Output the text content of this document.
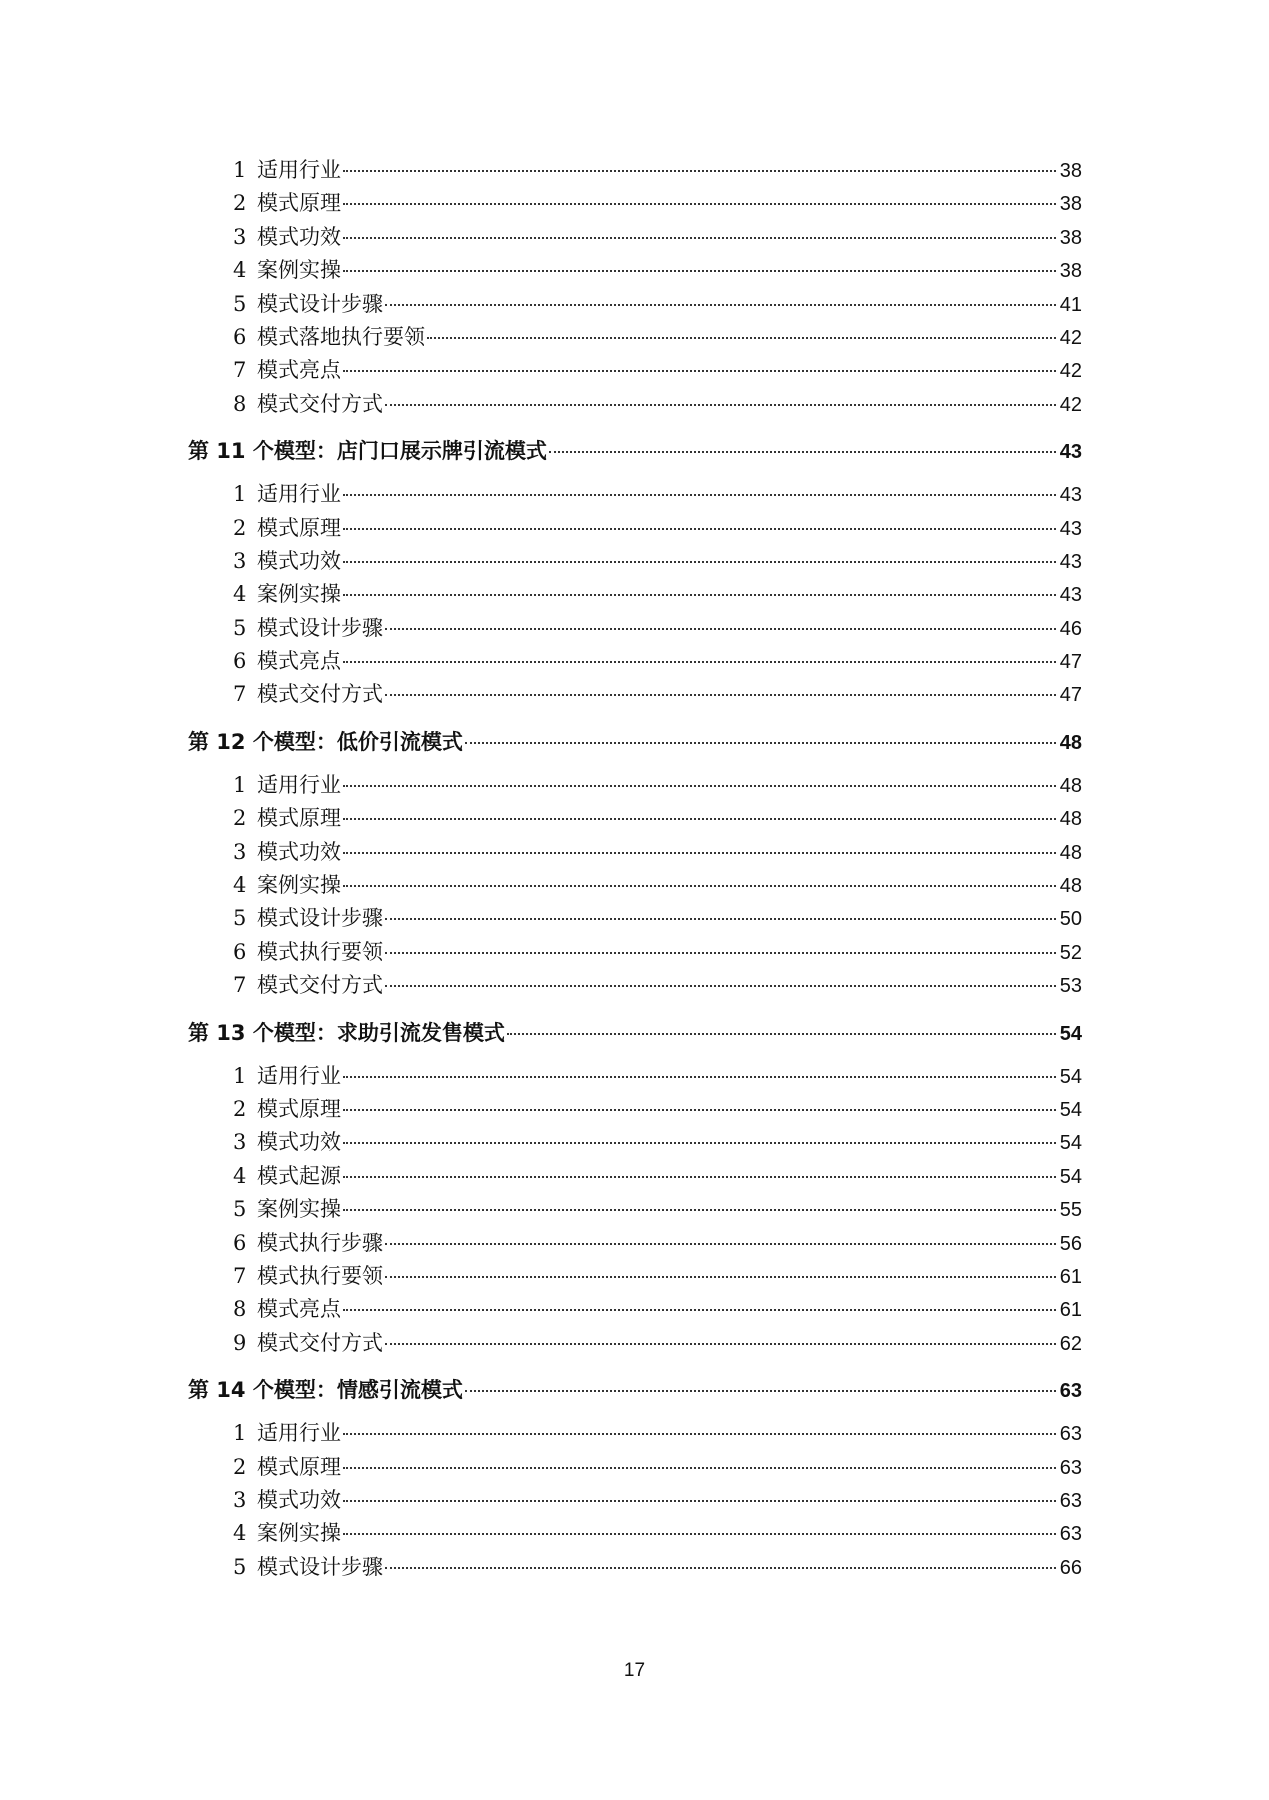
1 适用行业	38
2 模式原理	38
3 模式功效	38
4 案例实操	38
5 模式设计步骤	41
6 模式落地执行要领	42
7 模式亮点	42
8 模式交付方式	42
第 11 个模型：店门口展示牌引流模式	43
1 适用行业	43
2 模式原理	43
3 模式功效	43
4 案例实操	43
5 模式设计步骤	46
6 模式亮点	47
7 模式交付方式	47
第 12 个模型：低价引流模式	48
1 适用行业	48
2 模式原理	48
3 模式功效	48
4 案例实操	48
5 模式设计步骤	50
6 模式执行要领	52
7 模式交付方式	53
第 13 个模型：求助引流发售模式	54
1 适用行业	54
2 模式原理	54
3 模式功效	54
4 模式起源	54
5 案例实操	55
6 模式执行步骤	56
7 模式执行要领	61
8 模式亮点	61
9 模式交付方式	62
第 14 个模型：情感引流模式	63
1 适用行业	63
2 模式原理	63
3 模式功效	63
4 案例实操	63
5 模式设计步骤	66
17
